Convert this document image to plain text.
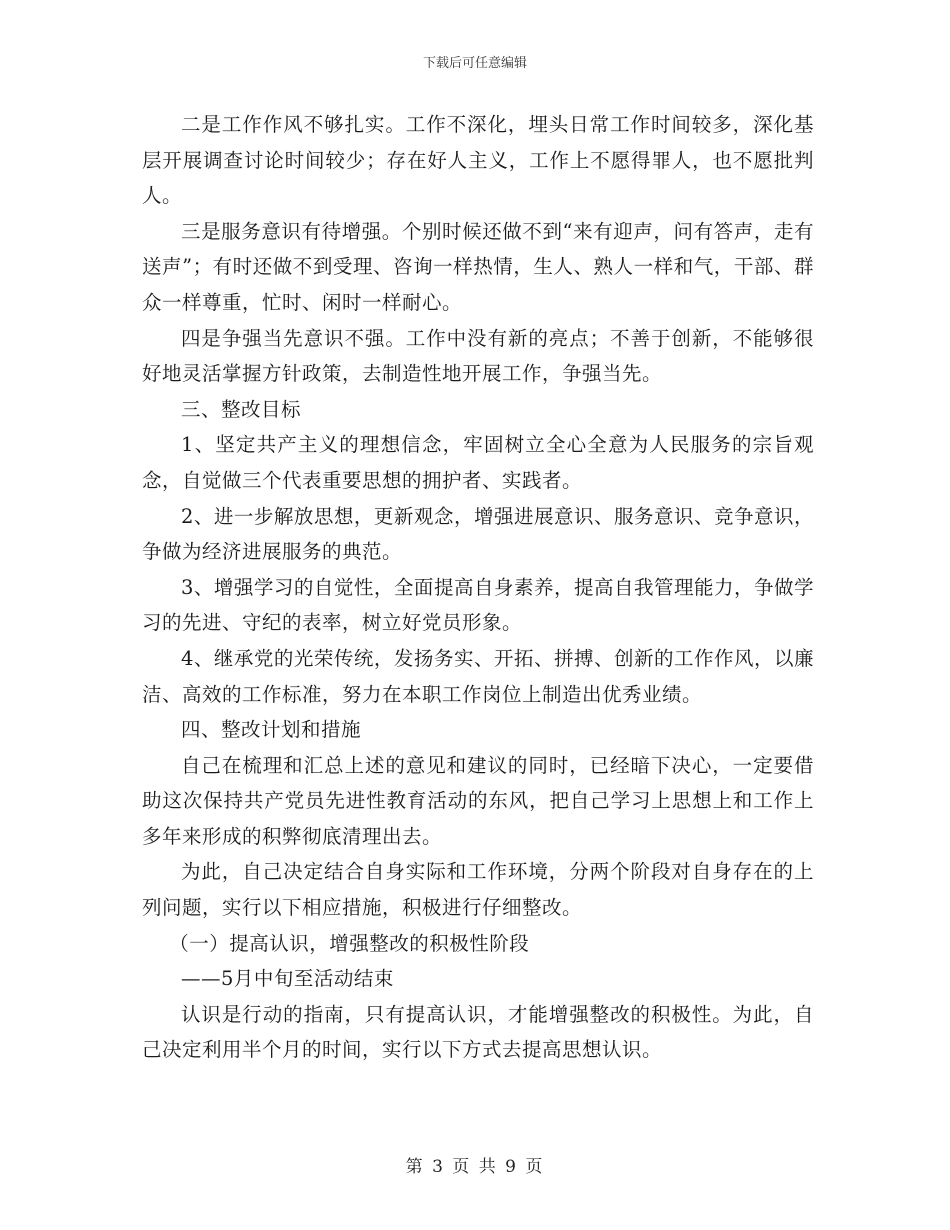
下载后可任意编辑

二是工作作风不够扎实。工作不深化，埋头日常工作时间较多，深化基层开展调查讨论时间较少；存在好人主义，工作上不愿得罪人，也不愿批判人。

三是服务意识有待增强。个别时候还做不到“来有迎声，问有答声，走有送声”；有时还做不到受理、咨询一样热情，生人、熟人一样和气，干部、群众一样尊重，忙时、闲时一样耐心。

四是争强当先意识不强。工作中没有新的亮点；不善于创新，不能够很好地灵活掌握方针政策，去制造性地开展工作，争强当先。

三、整改目标

1、坚定共产主义的理想信念，牢固树立全心全意为人民服务的宗旨观念，自觉做三个代表重要思想的拥护者、实践者。

2、进一步解放思想，更新观念，增强进展意识、服务意识、竞争意识，争做为经济进展服务的典范。

3、增强学习的自觉性，全面提高自身素养，提高自我管理能力，争做学习的先进、守纪的表率，树立好党员形象。

4、继承党的光荣传统，发扬务实、开拓、拼搏、创新的工作作风，以廉洁、高效的工作标准，努力在本职工作岗位上制造出优秀业绩。

四、整改计划和措施

自己在梳理和汇总上述的意见和建议的同时，已经暗下决心，一定要借助这次保持共产党员先进性教育活动的东风，把自己学习上思想上和工作上多年来形成的积弊彻底清理出去。

为此，自己决定结合自身实际和工作环境，分两个阶段对自身存在的上列问题，实行以下相应措施，积极进行仔细整改。

（一）提高认识，增强整改的积极性阶段

——5月中旬至活动结束

认识是行动的指南，只有提高认识，才能增强整改的积极性。为此，自己决定利用半个月的时间，实行以下方式去提高思想认识。

第 3 页 共 9 页
